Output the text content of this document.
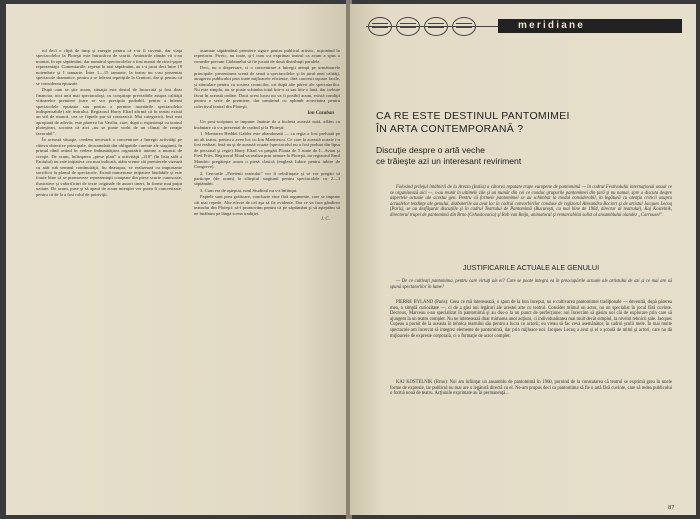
tul decî o clipă de timp şi energie pentru că s-ar fi cuvenit, dar viaţa spectacolelor la Ploieşti este întrucâtva de scurtă. Amintirile rămân vii s-au montat, în opt săptămâni, dar numărul spectacolelor a fost numai de cinci-şapte reprezentaţii. Comentariile, repetat în mai săptămâni, au s-a jucat deci între 19 noiembrie şi 1 ianuarie. Între 1—15 ianuarie, la teatru nu s-au prezentat spectacole dramatice, pentru a se înlesni repetiţiile la Cruttori, dar şi pentru că se considerau epuizate.

După cum se ştie acum, situaţia este destul de încurcată şi fost doar financiar, nici unii mai spectaculoşi, cu conştiinţe previzibile asupra calităţii viitoarelor premiere (care se vor precipita probabil, pentru a înlesni spectacolele epuizate sau pentru a permite montările spectacolelor indispensabile) ale teatrului. Regizorul Harry Eliad afirmă că în teatru există un stil de muncă, cea ce făptele par să contrazică. Mai categorică, însă mai apropiată de adevăr, este părerea lui Vasiliu, care, după o experienţă cu teatrul ploieştean, socotea că aici „nu se poate vorbi de un climat de creaţie favorabil”.

În această situaţie, credem necesară o concentrare a întregii activităţi pe câteva obiective principale, deocamdată din obligatiile curente ale stagiunii, în primul rând având în vedere îmbunătăţirea organizării interne a muncii de creaţie. De acum, înfiinţarea „piese plan” a activităţii „210” (în lista sală a Erotului) nu este iniţiativa cea mai indicată, atâta vreme cât premierele vizează cu atât sub semnul continuităţii, fiu deasupra, se realizează cu importante sacrificii la planul de spectacole. Există numeroase iniţiative lăudabile şi este foarte bine să se promoveze reprezentaţii compuse din piese scurte cunoscute, ilustrative şi valorificări de texte originale de autori tineri, în forme mai puţin uzitate. De acum, puse şi să apară de acum intenţiei vor putea fi concretizate, pentru că de la a fost rolul de potriviţii.

asumate săptămânal premiere sigure pentru publicul artistic, acţionând în repertoriu. Firesc, nu toate, şi-l cum s-a exprimat teatrul ca acum a spus o comedie precum Cărbunelui să fie jucată de două distribuţii paralele.

Deci, nu o dispersare, ci o concentrare a întregii atenţii pe următoarele principale: prezentarea scenă de seară a spectacolelor şi în jurul unei calităţi, atragerea publicului prin toate mijloacele eficiente, fără concesii uşoare facile, și stimulare pentru cu sosirea cronicilor, ori după alte păreri ale spectatorilor. Nu este simplu, nu se poate schimba totul într-o zi sau într-o lună, dar trebuie făcut în această ordine. Dacă acest lucru nu va fi posibil acum, există condiţii pentru o serie de premiere, dar urmărind cu aplomb activitatea pentru colectivul teatral din Ploieşti.

Ion Cazaban

Un post-scriptum se impune: înainte de a încheia această notă, aflăm cu încântare că s-a prezentat de curând şi la Ploieşti:

1. Montarea Heddei Gabler este abandonată — ca regia a fost preluată pe un alt teatru, pentru a avea loc cu Ion Marinescu. Ce care la această ocazie i-a fost realizat, însă nu şi de această ocazie (spectacolul nu a fost preluat din lipsa de personal şi regie) Harry Eliad va pregăti Ploaia de 5 iunie de L. Avian şi Fred Fries. Regizorul Eliad va realiza prin urmare la Ploieşti, iar regizorul Emil Mandric pregăteşte acum o piesă clasică (engleză Iubire pentru iubire de Congreve).

2. Cercurile „Prietenii teatrului” vor fi reînfiinţate şi se vor pregăti să participe (de acum) la sfârşitul stagiunii pentru spectacolele cu 2—3 săptămâni.

3. Cum era de aşteptat, noul Studioul nu s-a înfiinţat.

Faptele sunt prea grăitoare, concluzie vine fără argumente, care se impune cât mai repede. Alte efecte de cel aşa să fie evidente. Dar ce va face gândirea teatrului din Ploieşti: să-l promovăm pentru că pe săptămâni şi să aşteptăm să ne întâlnim pe lângă scena tradiţiei.

I. C.

meridiane
CA RE ESTE DESTINUL PANTOMIMEI
ÎN ARTA CONTEMPORANĂ ?
Discuţie despre o artă veche
ce trăieşte azi un interesant reviriment
Folosind prilejul întâlnirii de la Arezzo (Italia) a câtorva reputate trupe europene de pantomimă — în cadrul Festivalului internaţional anual ce se organizează aici —, s-au reunit în ultimele zile şi un număr din cei ce conduc grupurile pantomimei din ţară şi nu numai, spre a discuta despre aspectele actuale ale acestui gen. Pentru că formele pantomimei se au schimbat la modul considerabil, în legătură cu atenţia criticii asupra actualelor tendinţe ale genului, dezbaterile au avut loc în cadrul convorbirilor conduse de regizorul Alexandru Bociort şi de artistul Jacques Lecoq (Paris), se au desfăşurat discuţiile şi în cadrul Teatrului de Pantomimă (Bucureşti, cu mai bine de 1964, director al teatrului), Kaj Kostelnik, directorul trupei de pantomimă din Brno (Cehoslovacia) şi Rob van Reijn, animatorul şi remarcabilul solist al ansamblului olandez „Carrousel”.
JUSTIFICARILE ACTUALE ALE GENULUI
— De ce cultivaţi pantomima, pentru care virtuţi ale ei? Care se poate integra ea în preocupările actuale ale artistului de azi și ce mai are să spună spectatorilor în lume?
PIERRE BYLAND (Paris): Ceea ce mă interesează, o spun de la bun început, nu e cultivarea pantomimei tradiţionale — devenită, după părerea mea, o simplă curiozitate —, ci de a găsi noi legături ale acestei arte cu teatrul. Consider mimul un actor, nu un specialist în jocul fără cuvinte. Decroux, Marceau s-au specializat în pantomimă şi au dus-o la un punct de perfecţiune; noi încercăm să găsim noi căi de explorare prin care să ajungem la un teatru complet. Nu ne interesează doar mimarea unor acţiuni, ci individualitatea mai mult decât simplul, la nivelul tehnicii sale. Jacques Copeau a pornit de la aceasta în tehnica teatrului său pentru a lucra cu actorii; eu vreau să fac ceva asemănător, în cadrul şcolii mele. În mai multe spectacole am încercat să integrez elemente de pantomimă, dar prin mijloace noi. Jacques Lecoq a avut şi el o şcoală de mimi şi actori, care nu dă mijloacele de expresie corporală, ci o formaţie de actor complet.
KAJ KOSTELNIK (Brno): Noi am înfiinţat un ansamblu de pantomimă în 1960, pornind de la constatarea că teatrul se exprimă greu în unele forme de expresie, iar publicul nu mai are o legătură directă cu el. Ne-am propus deci ca pantomima să fie o artă fără cuvinte, care să redea publicului o formă nouă de teatru. Acţiunile exprimate au în permanenţă...
87
